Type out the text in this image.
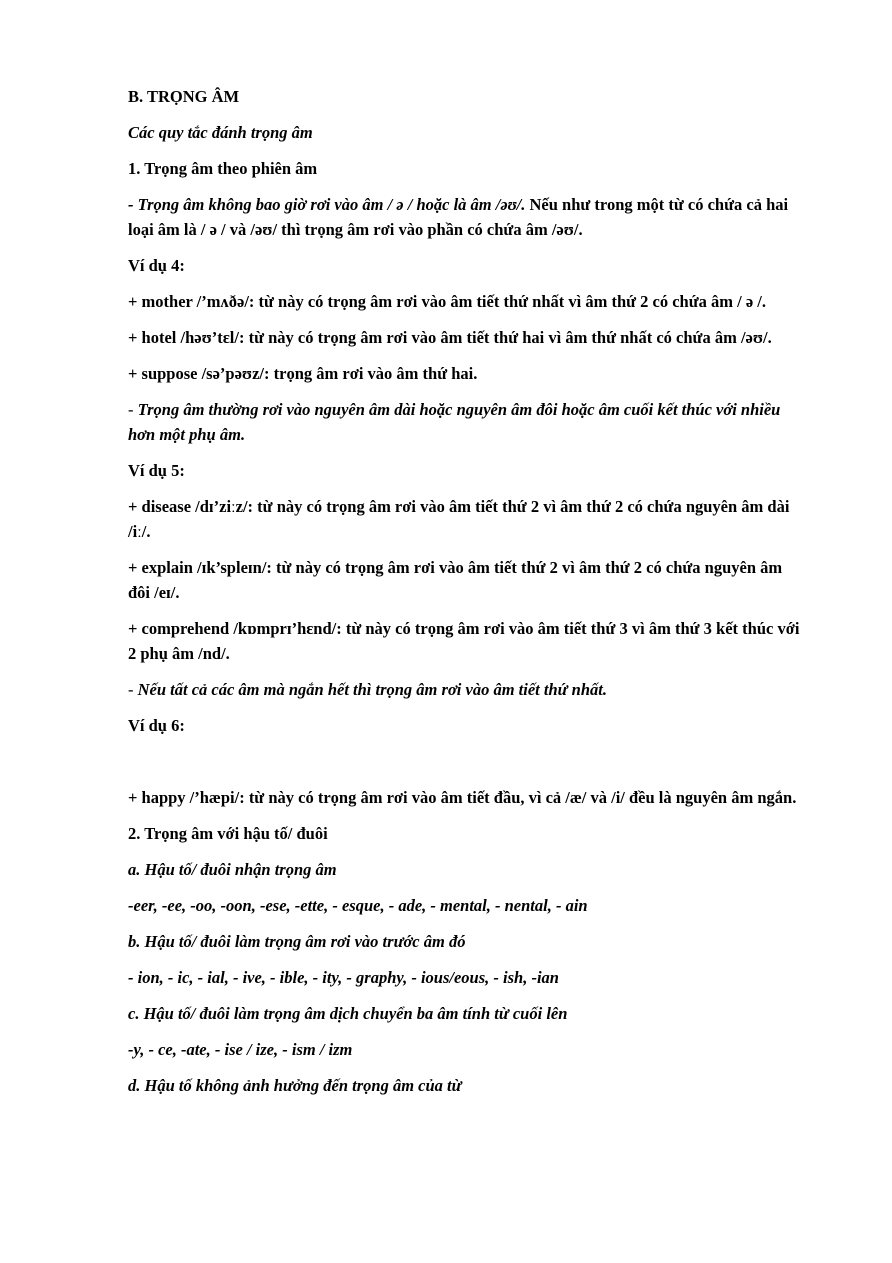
B. TRỌNG ÂM

Các quy tắc đánh trọng âm

1. Trọng âm theo phiên âm

- Trọng âm không bao giờ rơi vào âm / ə / hoặc là âm /əʊ/. Nếu như trong một từ có chứa cả hai loại âm là / ə / và /əʊ/ thì trọng âm rơi vào phần có chứa âm /əʊ/.

Ví dụ 4:

+ mother /’mʌðə/: từ này có trọng âm rơi vào âm tiết thứ nhất vì âm thứ 2 có chứa âm / ə /.

+ hotel /həʊ’tɛl/: từ này có trọng âm rơi vào âm tiết thứ hai vì âm thứ nhất có chứa âm /əʊ/.

+ suppose /sə’pəʊz/: trọng âm rơi vào âm thứ hai.

- Trọng âm thường rơi vào nguyên âm dài hoặc nguyên âm đôi hoặc âm cuối kết thúc với nhiều hơn một phụ âm.

Ví dụ 5:

+ disease /dɪ’ziːz/: từ này có trọng âm rơi vào âm tiết thứ 2 vì âm thứ 2 có chứa nguyên âm dài /iː/.

+ explain /ɪk’spleɪn/: từ này có trọng âm rơi vào âm tiết thứ 2 vì âm thứ 2 có chứa nguyên âm đôi /eɪ/.

+ comprehend /kɒmprɪ’hɛnd/: từ này có trọng âm rơi vào âm tiết thứ 3 vì âm thứ 3 kết thúc với 2 phụ âm /nd/.

- Nếu tất cả các âm mà ngắn hết thì trọng âm rơi vào âm tiết thứ nhất.

Ví dụ 6:

+ happy /’hæpi/: từ này có trọng âm rơi vào âm tiết đầu, vì cả /æ/ và /i/ đều là nguyên âm ngắn.

2. Trọng âm với hậu tố/ đuôi

a. Hậu tố/ đuôi nhận trọng âm

-eer, -ee, -oo, -oon, -ese, -ette, - esque, - ade, - mental, - nental, - ain

b. Hậu tố/ đuôi làm trọng âm rơi vào trước âm đó

- ion, - ic, - ial, - ive, - ible, - ity, - graphy, - ious/eous, - ish, -ian

c. Hậu tố/ đuôi làm trọng âm dịch chuyển ba âm tính từ cuối lên

-y, - ce, -ate, - ise / ize, - ism / izm

d. Hậu tố không ảnh hưởng đến trọng âm của từ
